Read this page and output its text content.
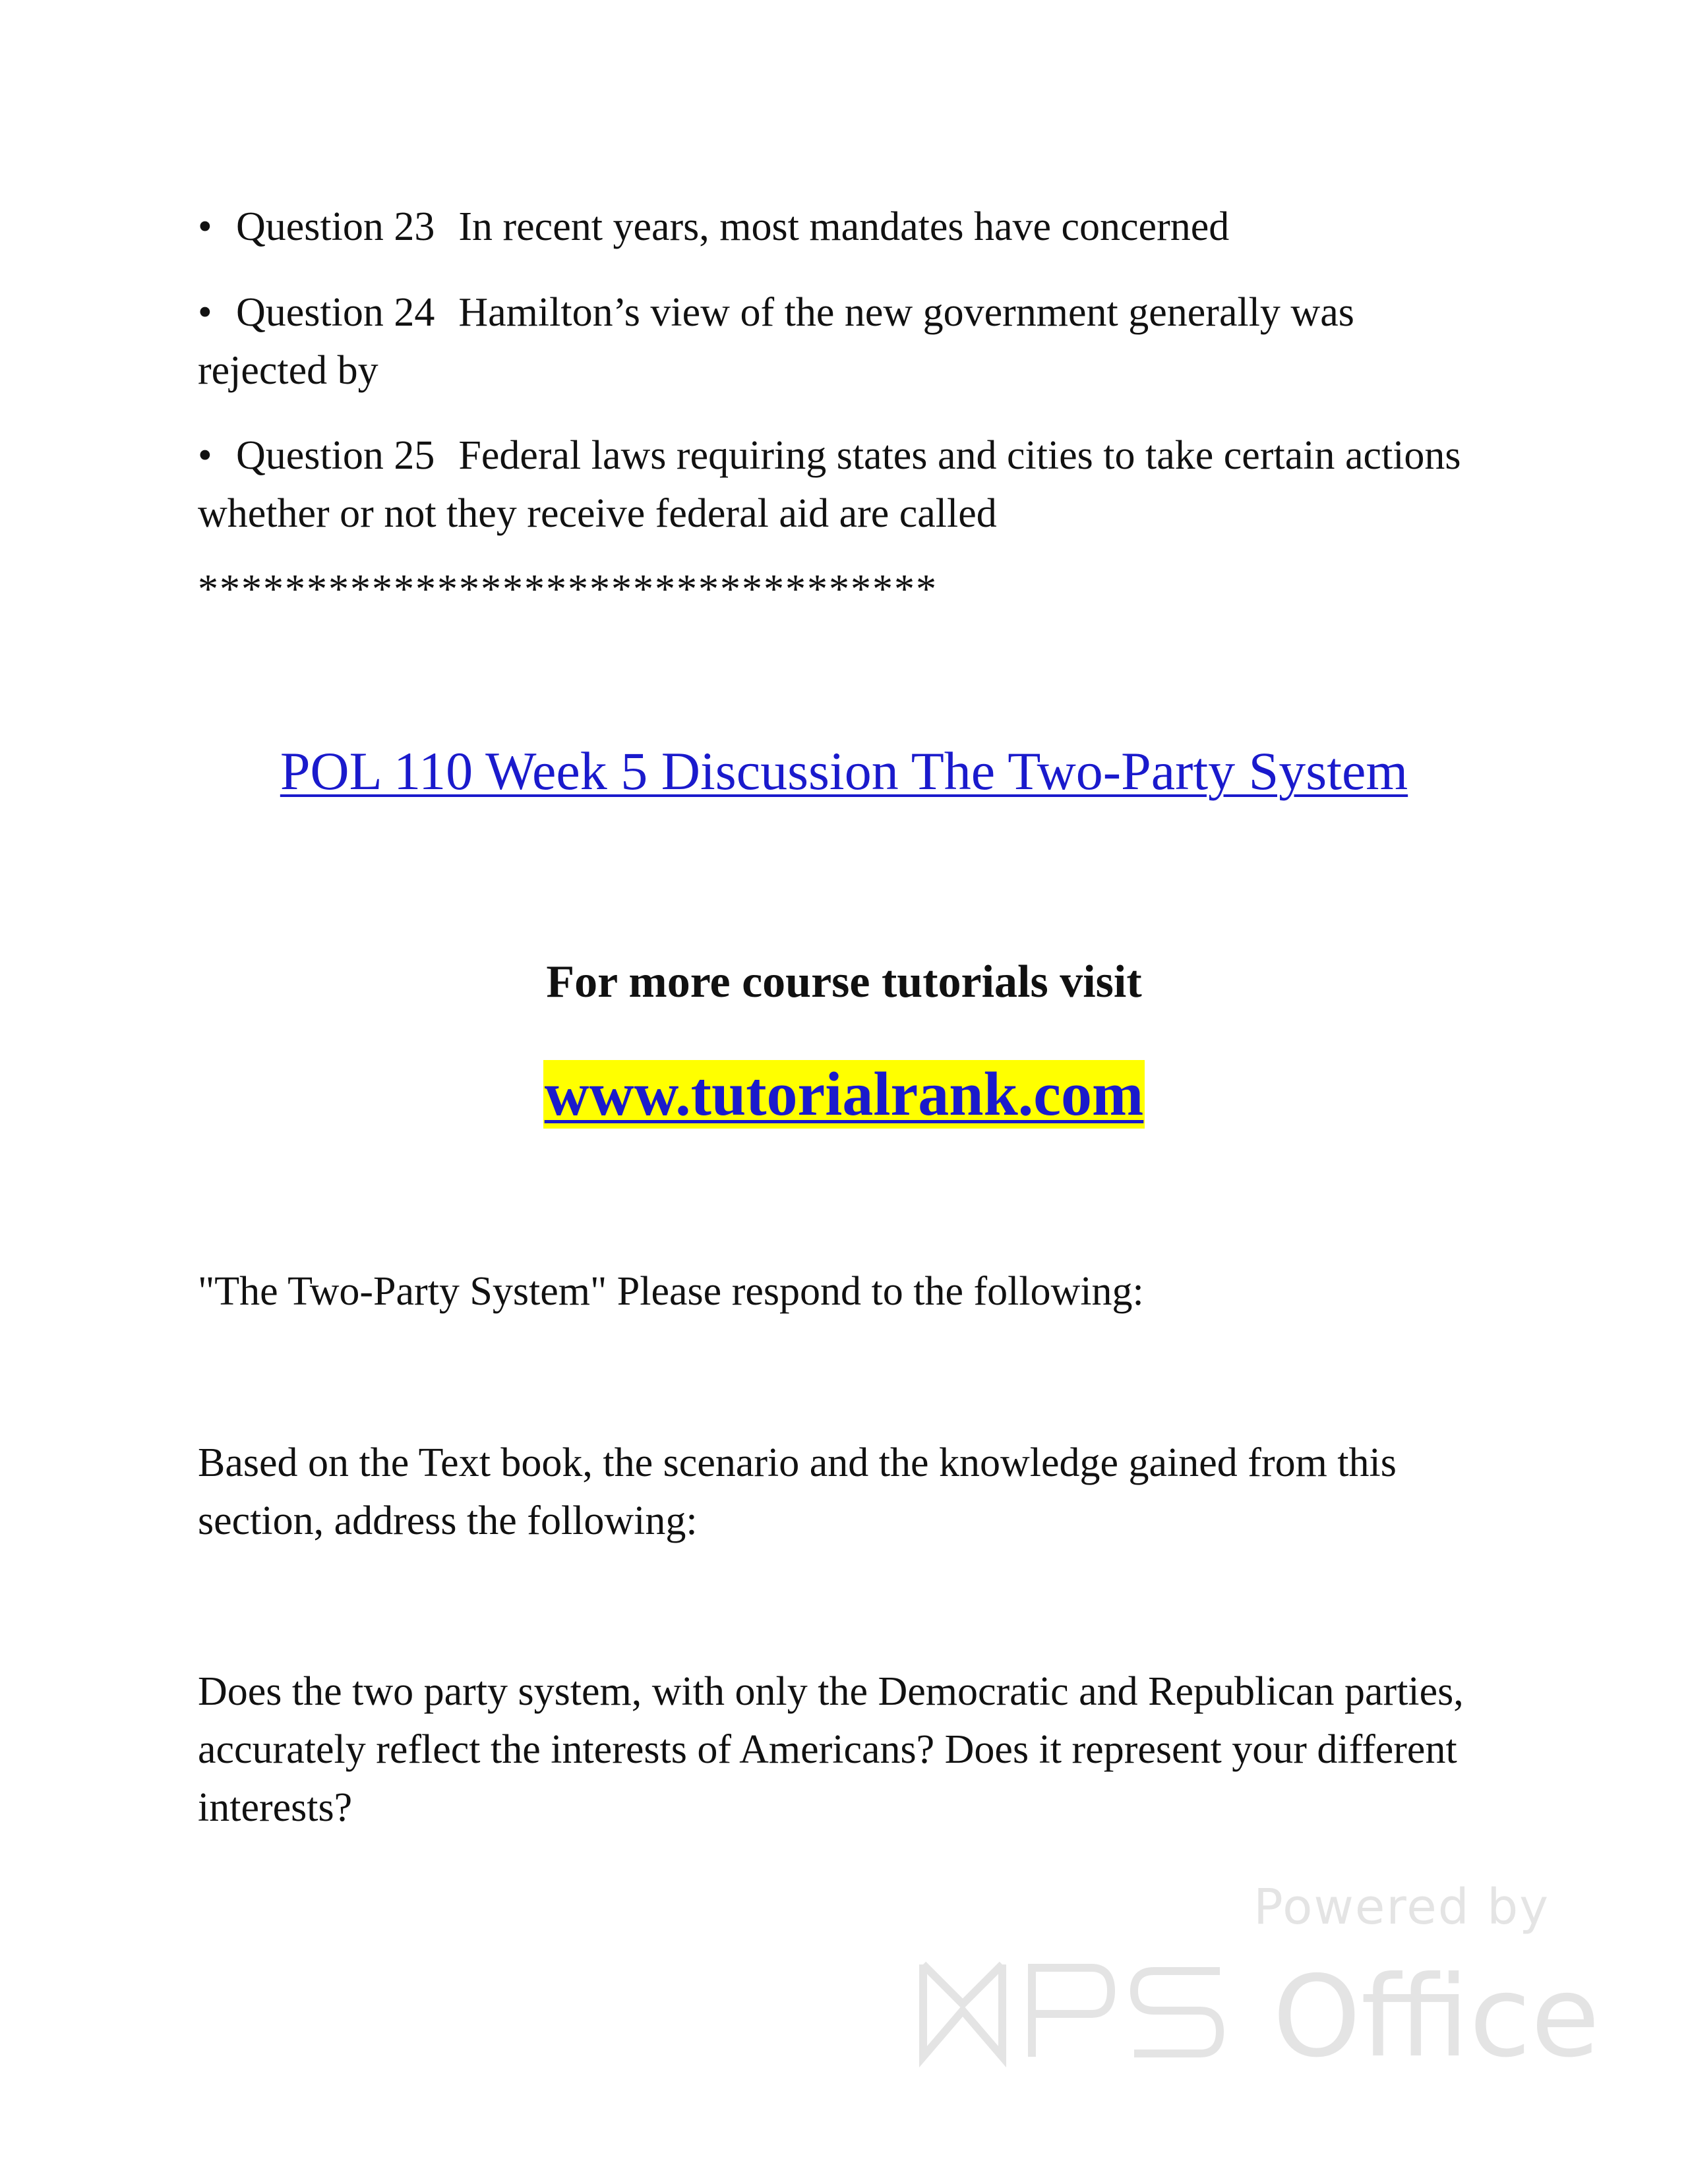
• Question 23 In recent years, most mandates have concerned

• Question 24 Hamilton’s view of the new government generally was rejected by

• Question 25 Federal laws requiring states and cities to take certain actions whether or not they receive federal aid are called

**********************************
POL 110 Week 5 Discussion The Two-Party System
For more course tutorials visit
www.tutorialrank.com

"The Two-Party System" Please respond to the following:

Based on the Text book, the scenario and the knowledge gained from this section, address the following:

Does the two party system, with only the Democratic and Republican parties, accurately reflect the interests of Americans? Does it represent your different interests?

Powered by
Office
